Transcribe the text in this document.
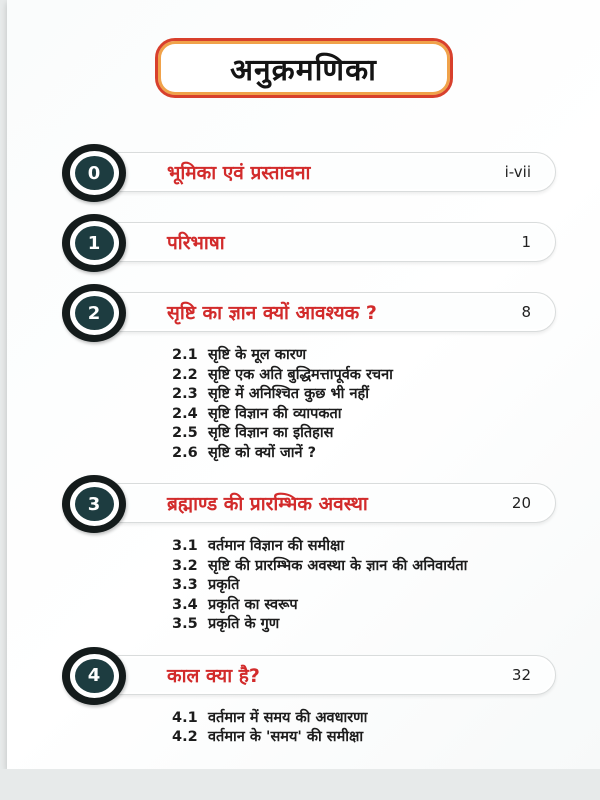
अनुक्रमणिका
भूमिका एवं प्रस्तावना	i-vii
0
परिभाषा	1
1
सृष्टि का ज्ञान क्यों आवश्यक ?	8
2
2.1 सृष्टि के मूल कारण
2.2 सृष्टि एक अति बुद्धिमत्तापूर्वक रचना
2.3 सृष्टि में अनिश्चित कुछ भी नहीं
2.4 सृष्टि विज्ञान की व्यापकता
2.5 सृष्टि विज्ञान का इतिहास
2.6 सृष्टि को क्यों जानें ?
ब्रह्माण्ड की प्रारम्भिक अवस्था	20
3
3.1 वर्तमान विज्ञान की समीक्षा
3.2 सृष्टि की प्रारम्भिक अवस्था के ज्ञान की अनिवार्यता
3.3 प्रकृति
3.4 प्रकृति का स्वरूप
3.5 प्रकृति के गुण
काल क्या है?	32
4
4.1 वर्तमान में समय की अवधारणा
4.2 वर्तमान के 'समय' की समीक्षा
